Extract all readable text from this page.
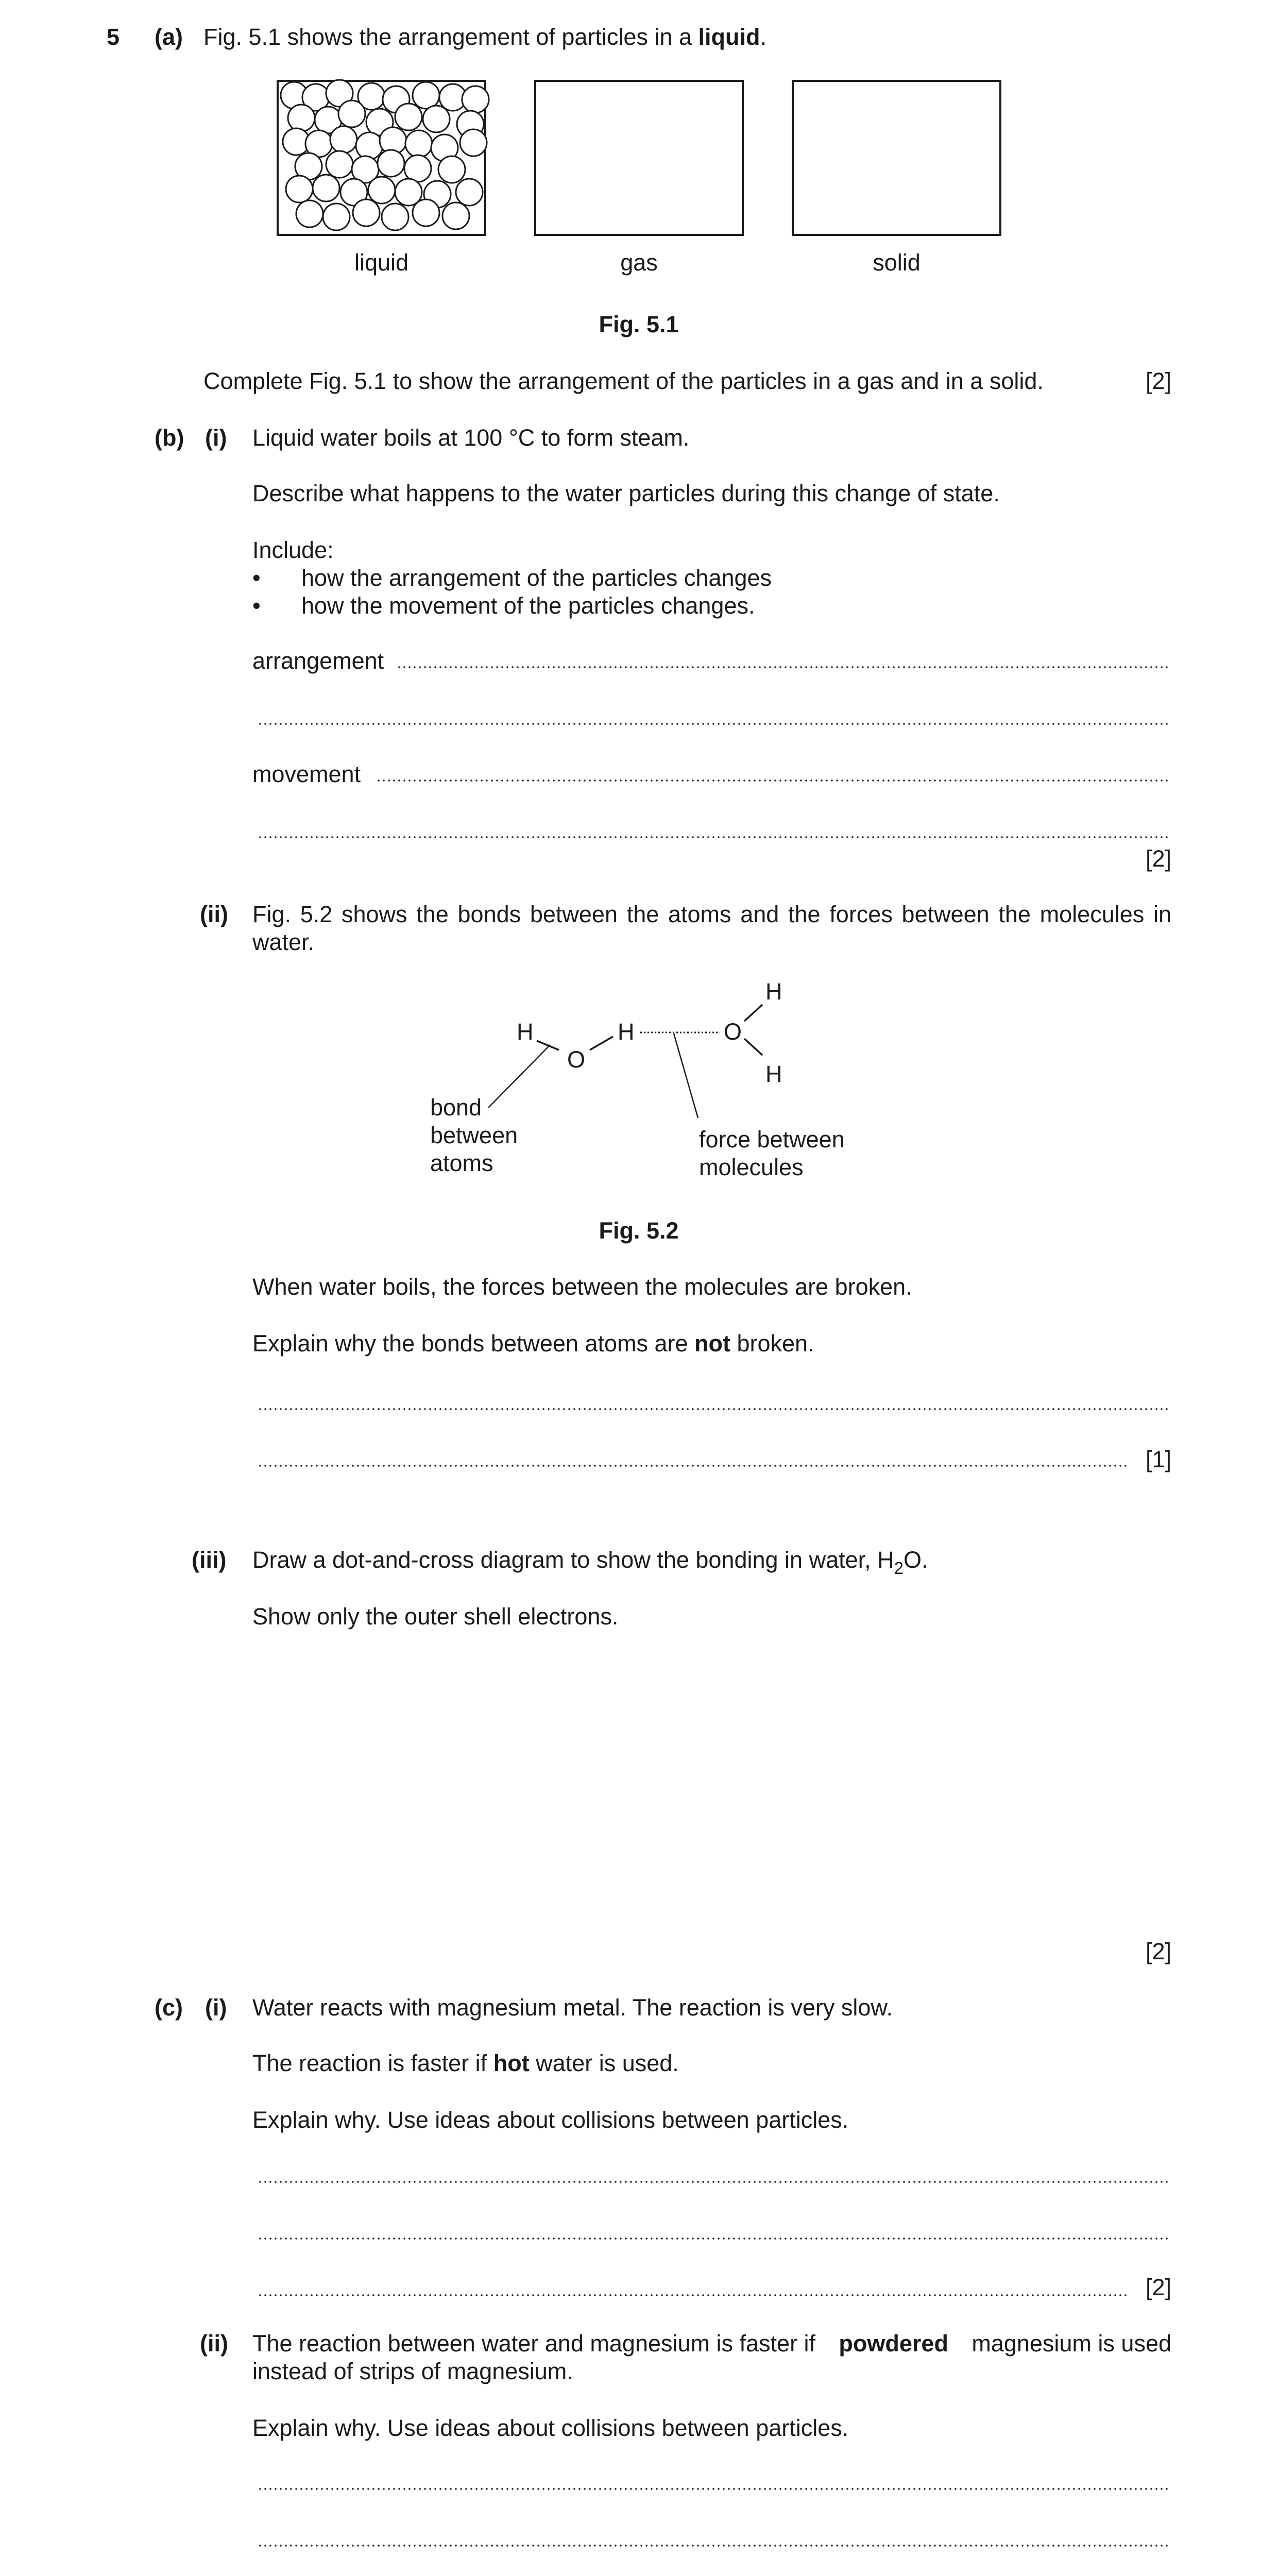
5 (a) Fig. 5.1 shows the arrangement of particles in a liquid.
liquid	gas	solid
Fig. 5.1
Complete Fig. 5.1 to show the arrangement of the particles in a gas and in a solid.	[2]
(b) (i) Liquid water boils at 100 °C to form steam.
Describe what happens to the water particles during this change of state.
Include:
• how the arrangement of the particles changes
• how the movement of the particles changes.
arrangement
movement
[2]
(ii) Fig. 5.2 shows the bonds between the atoms and the forces between the molecules in
water.
H
O
H	O
H
H
bond
between
atoms
force between
molecules
Fig. 5.2
When water boils, the forces between the molecules are broken.
Explain why the bonds between atoms are not broken.
[1]
(iii) Draw a dot-and-cross diagram to show the bonding in water, $H_2O$.
Show only the outer shell electrons.
[2]
(c) (i) Water reacts with magnesium metal. The reaction is very slow.
The reaction is faster if hot water is used.
Explain why. Use ideas about collisions between particles.
[2]
(ii) The reaction between water and magnesium is faster if powdered magnesium is used
instead of strips of magnesium.
Explain why. Use ideas about collisions between particles.
